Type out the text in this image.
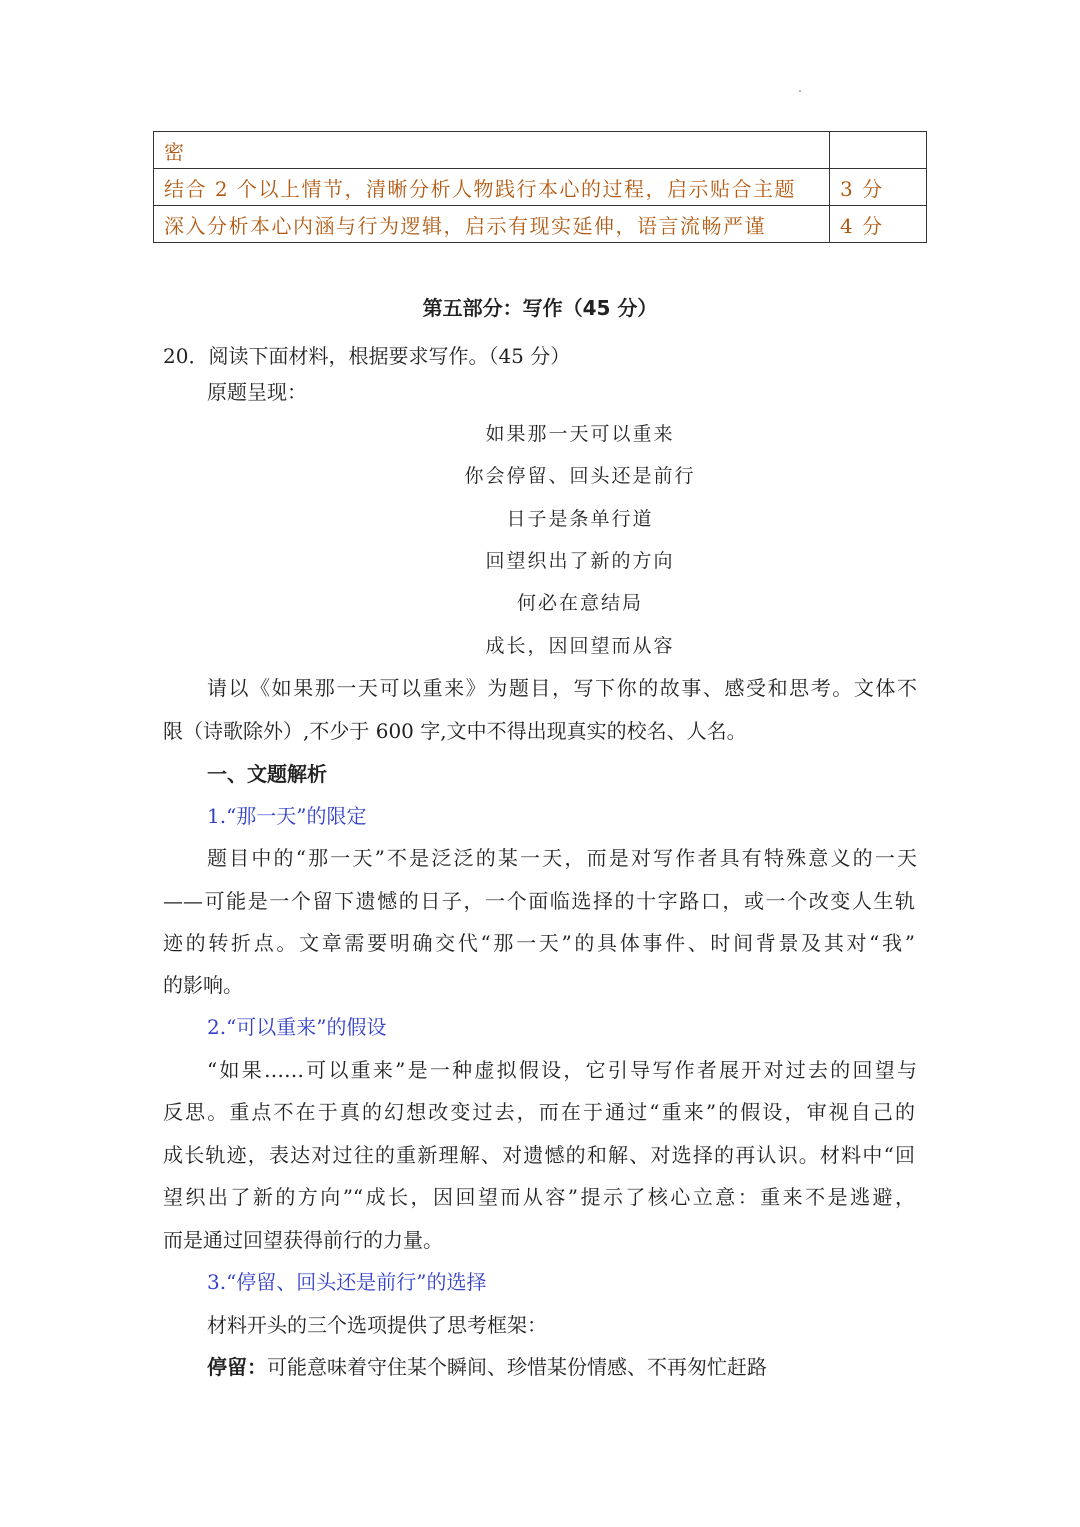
密	
结合 2 个以上情节，清晰分析人物践行本心的过程，启示贴合主题	3 分
深入分析本心内涵与行为逻辑，启示有现实延伸，语言流畅严谨	4 分
第五部分：写作（45 分）
20．阅读下面材料，根据要求写作。（45 分）
原题呈现：
如果那一天可以重来
你会停留、回头还是前行
日子是条单行道
回望织出了新的方向
何必在意结局
成长，因回望而从容
请以《如果那一天可以重来》为题目，写下你的故事、感受和思考。文体不
限（诗歌除外）,不少于 600 字,文中不得出现真实的校名、人名。
一、文题解析
1.“那一天”的限定
题目中的“那一天”不是泛泛的某一天，而是对写作者具有特殊意义的一天
——可能是一个留下遗憾的日子，一个面临选择的十字路口，或一个改变人生轨
迹的转折点。文章需要明确交代“那一天”的具体事件、时间背景及其对“我”
的影响。
2.“可以重来”的假设
“如果……可以重来”是一种虚拟假设，它引导写作者展开对过去的回望与
反思。重点不在于真的幻想改变过去，而在于通过“重来”的假设，审视自己的
成长轨迹，表达对过往的重新理解、对遗憾的和解、对选择的再认识。材料中“回
望织出了新的方向”“成长，因回望而从容”提示了核心立意：重来不是逃避，
而是通过回望获得前行的力量。
3.“停留、回头还是前行”的选择
材料开头的三个选项提供了思考框架：
停留：可能意味着守住某个瞬间、珍惜某份情感、不再匆忙赶路
